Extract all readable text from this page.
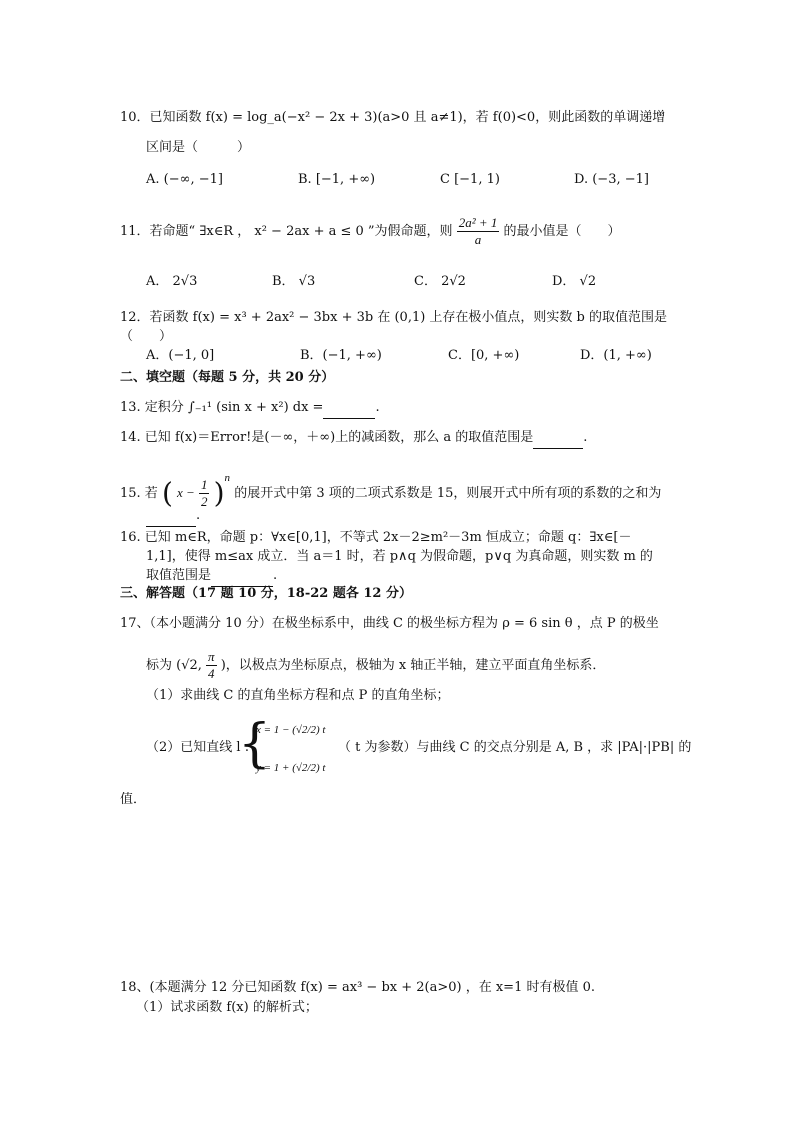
10．已知函数 f(x) = log_a(−x² − 2x + 3)(a>0 且 a≠1)，若 f(0)<0，则此函数的单调递增
区间是（　　　）
A. (−∞, −1]	B. [−1, +∞)	C [−1, 1)	D. (−3, −1]
11．若命题“ ∃x∈R ， x² − 2ax + a ≤ 0 ”为假命题，则 $\frac{\text{2a² + 1}}{a}$ 的最小值是（　　）
A． 2√3	B． √3	C． 2√2	D． √2
12．若函数 f(x) = x³ + 2ax² − 3bx + 3b 在 (0,1) 上存在极小值点，则实数 b 的取值范围是
（　　）
A．(−1, 0]	B．(−1, +∞)	C．[0, +∞)	D．(1, +∞)
二、填空题（每题 5 分，共 20 分）
13. 定积分 ∫₋₁¹ (sin x + x²) dx =	.
14. 已知 f(x)＝Error!是(－∞，＋∞)上的减函数，那么 a 的取值范围是	.
15. 若 ( $x - \frac{1}{2} )^n$ 的展开式中第 3 项的二项式系数是 15，则展开式中所有项的系数的之和为
.
16. 已知 m∈R，命题 p：∀x∈[0,1]，不等式 2x－2≥m²－3m 恒成立；命题 q：∃x∈[－
1,1]，使得 m≤ax 成立．当 a＝1 时，若 p∧q 为假命题，p∨q 为真命题，则实数 m 的
取值范围是	.
三、解答题（17 题 10 分，18-22 题各 12 分）
17、（本小题满分 10 分）在极坐标系中，曲线 C 的极坐标方程为 ρ = 6 sin θ ，点 P 的极坐
标为 (√2, $\frac{\pi}{4}$ )，以极点为坐标原点，极轴为 x 轴正半轴，建立平面直角坐标系．
（1）求曲线 C 的直角坐标方程和点 P 的直角坐标；
（2）已知直线 l :
{
x = 1 − (√2/2) t
y = 1 + (√2/2) t
（ t 为参数）与曲线 C 的交点分别是 A, B ，求 |PA|·|PB| 的
值．
18、(本题满分 12 分已知函数 f(x) = ax³ − bx + 2(a>0) ，在 x=1 时有极值 0.
（1）试求函数 f(x) 的解析式；
